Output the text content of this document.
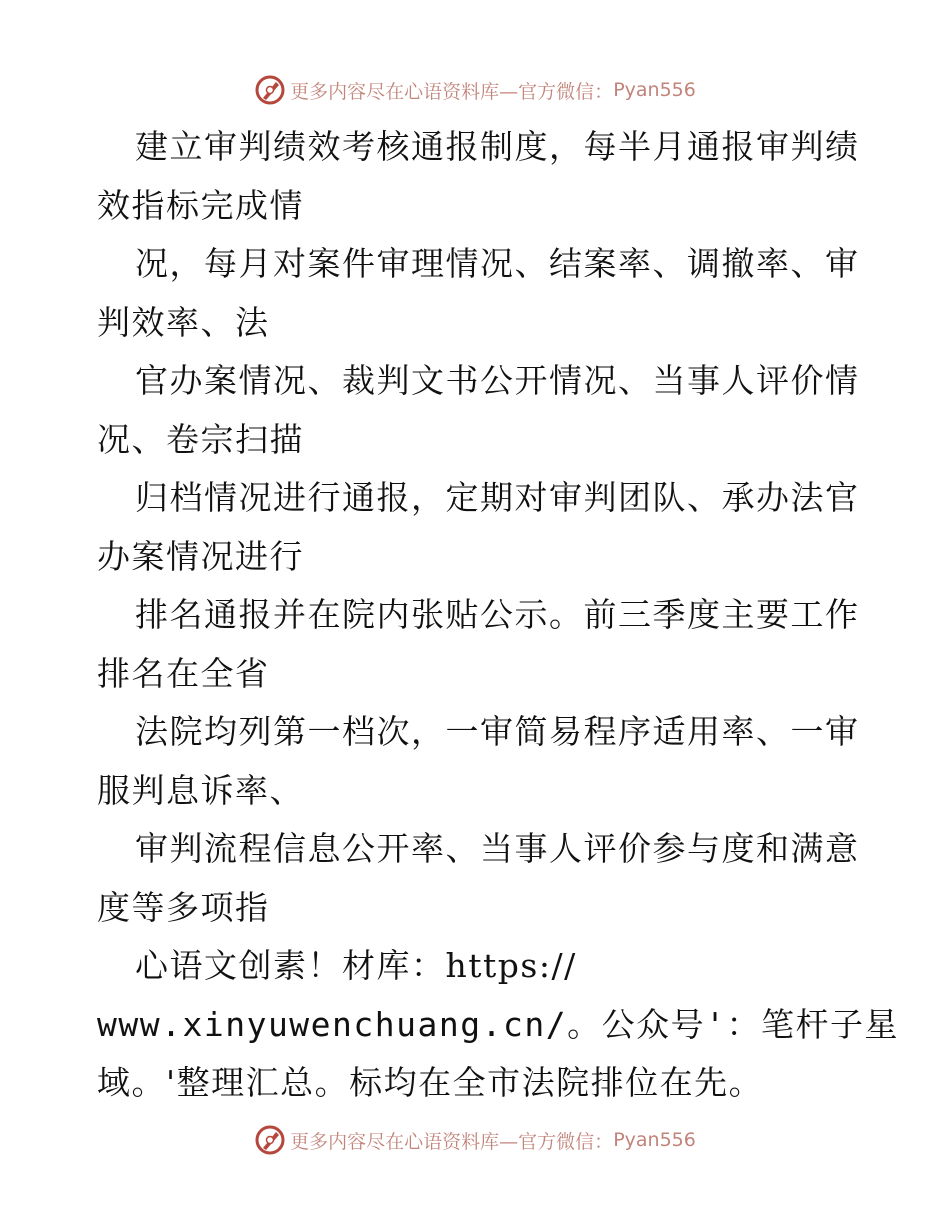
更多内容尽在心语资料库— 官方微信： Pyan556
建立审判绩效考核通报制度，每半月通报审判绩
效指标完成情
况，每月对案件审理情况、结案率、调撤率、审
判效率、法
官办案情况、裁判文书公开情况、当事人评价情
况、卷宗扫描
归档情况进行通报，定期对审判团队、承办法官
办案情况进行
排名通报并在院内张贴公示。前三季度主要工作
排名在全省
法院均列第一档次，一审简易程序适用率、一审
服判息诉率、
审判流程信息公开率、当事人评价参与度和满意
度等多项指
心语文创素！材库：https://
www.xinyuwenchuang.cn/。公众号'：笔杆子星
域。'整理汇总。标均在全市法院排位在先。
更多内容尽在心语资料库— 官方微信： Pyan556
